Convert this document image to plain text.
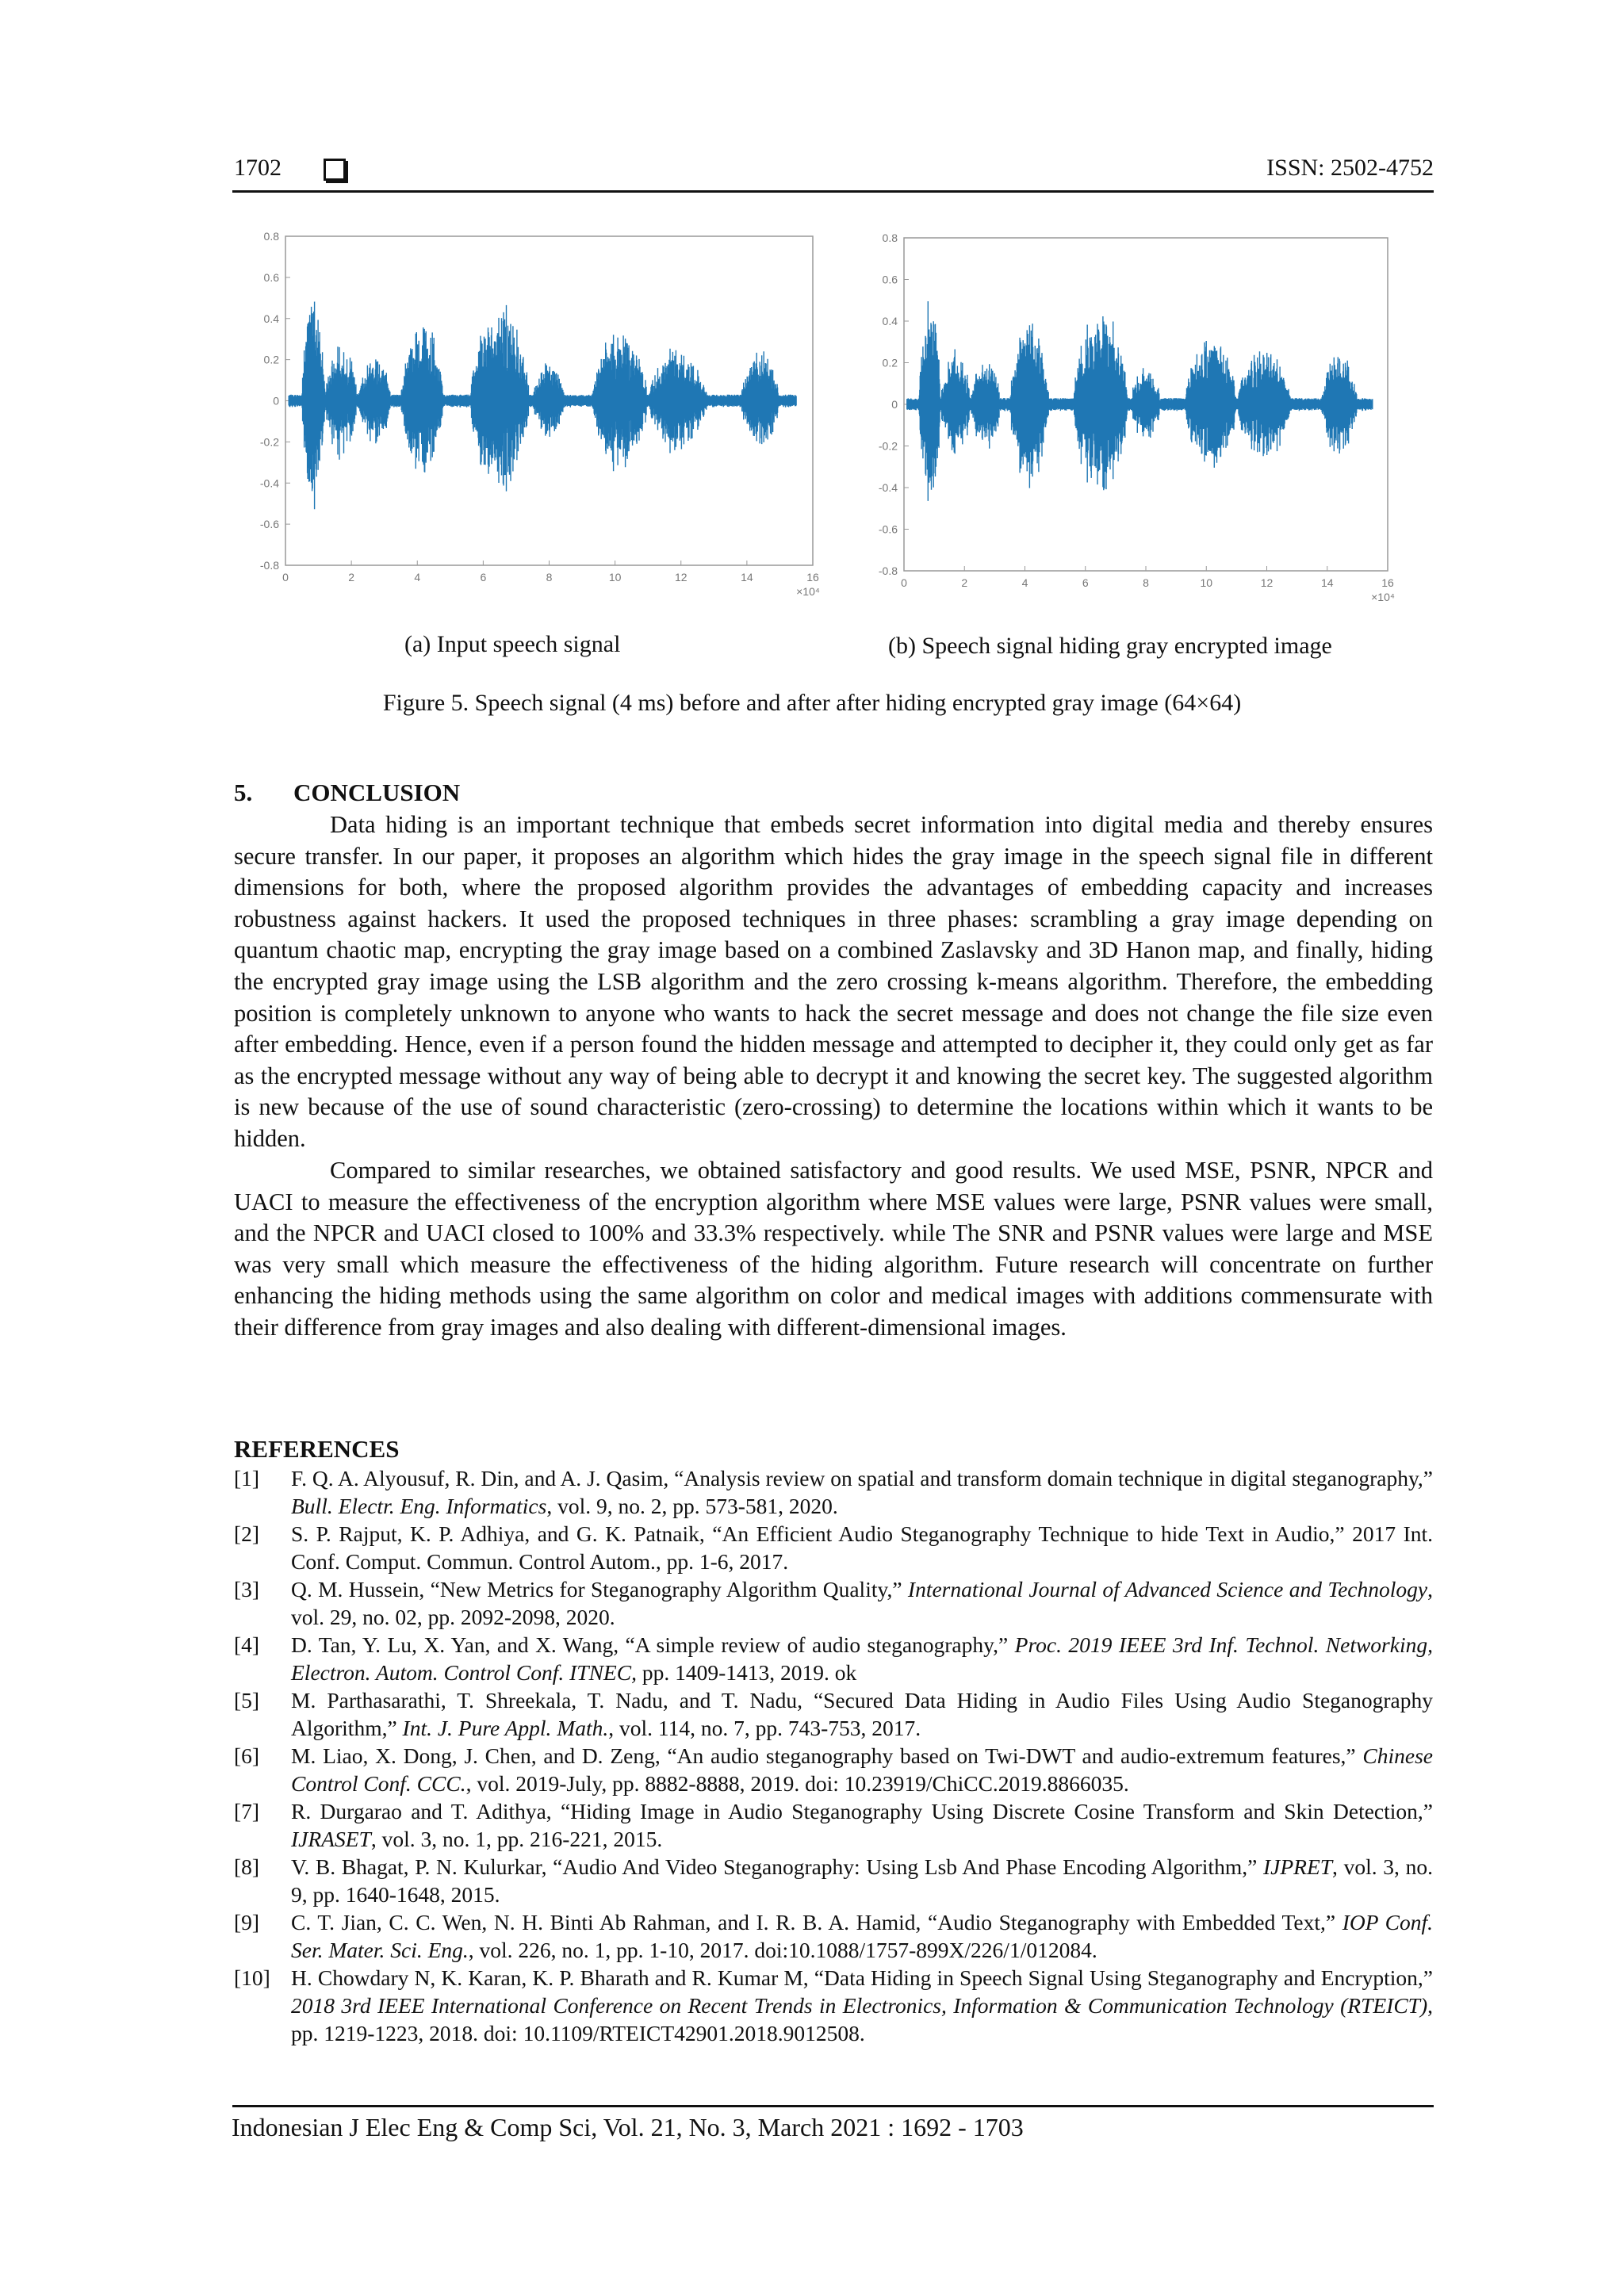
1702	ISSN: 2502-4752
0.8
0.6
0.4
0.2
0
-0.2
-0.4
-0.6
-0.8
0	2	4	6	8	10	12	14	16
×10⁴
0.8
0.6
0.4
0.2
0
-0.2
-0.4
-0.6
-0.8
0	2	4	6	8	10	12	14	16
×10⁴
(a) Input speech signal	(b) Speech signal hiding gray encrypted image
Figure 5. Speech signal (4 ms) before and after after hiding encrypted gray image (64×64)
5. CONCLUSION

Data hiding is an important technique that embeds secret information into digital media and thereby ensures secure transfer. In our paper, it proposes an algorithm which hides the gray image in the speech signal file in different dimensions for both, where the proposed algorithm provides the advantages of embedding capacity and increases robustness against hackers. It used the proposed techniques in three phases: scrambling a gray image depending on quantum chaotic map, encrypting the gray image based on a combined Zaslavsky and 3D Hanon map, and finally, hiding the encrypted gray image using the LSB algorithm and the zero crossing k-means algorithm. Therefore, the embedding position is completely unknown to anyone who wants to hack the secret message and does not change the file size even after embedding. Hence, even if a person found the hidden message and attempted to decipher it, they could only get as far as the encrypted message without any way of being able to decrypt it and knowing the secret key. The suggested algorithm is new because of the use of sound characteristic (zero-crossing) to determine the locations within which it wants to be hidden.

Compared to similar researches, we obtained satisfactory and good results. We used MSE, PSNR, NPCR and UACI to measure the effectiveness of the encryption algorithm where MSE values were large, PSNR values were small, and the NPCR and UACI closed to 100% and 33.3% respectively. while The SNR and PSNR values were large and MSE was very small which measure the effectiveness of the hiding algorithm. Future research will concentrate on further enhancing the hiding methods using the same algorithm on color and medical images with additions commensurate with their difference from gray images and also dealing with different-dimensional images.

REFERENCES
[1]	F. Q. A. Alyousuf, R. Din, and A. J. Qasim, “Analysis review on spatial and transform domain technique in digital steganography,” Bull. Electr. Eng. Informatics, vol. 9, no. 2, pp. 573-581, 2020.
[2]	S. P. Rajput, K. P. Adhiya, and G. K. Patnaik, “An Efficient Audio Steganography Technique to hide Text in Audio,” 2017 Int. Conf. Comput. Commun. Control Autom., pp. 1-6, 2017.
[3]	Q. M. Hussein, “New Metrics for Steganography Algorithm Quality,” International Journal of Advanced Science and Technology, vol. 29, no. 02, pp. 2092-2098, 2020.
[4]	D. Tan, Y. Lu, X. Yan, and X. Wang, “A simple review of audio steganography,” Proc. 2019 IEEE 3rd Inf. Technol. Networking, Electron. Autom. Control Conf. ITNEC, pp. 1409-1413, 2019. ok
[5]	M. Parthasarathi, T. Shreekala, T. Nadu, and T. Nadu, “Secured Data Hiding in Audio Files Using Audio Steganography Algorithm,” Int. J. Pure Appl. Math., vol. 114, no. 7, pp. 743-753, 2017.
[6]	M. Liao, X. Dong, J. Chen, and D. Zeng, “An audio steganography based on Twi-DWT and audio-extremum features,” Chinese Control Conf. CCC., vol. 2019-July, pp. 8882-8888, 2019. doi: 10.23919/ChiCC.2019.8866035.
[7]	R. Durgarao and T. Adithya, “Hiding Image in Audio Steganography Using Discrete Cosine Transform and Skin Detection,” IJRASET, vol. 3, no. 1, pp. 216-221, 2015.
[8]	V. B. Bhagat, P. N. Kulurkar, “Audio And Video Steganography: Using Lsb And Phase Encoding Algorithm,” IJPRET, vol. 3, no. 9, pp. 1640-1648, 2015.
[9]	C. T. Jian, C. C. Wen, N. H. Binti Ab Rahman, and I. R. B. A. Hamid, “Audio Steganography with Embedded Text,” IOP Conf. Ser. Mater. Sci. Eng., vol. 226, no. 1, pp. 1-10, 2017. doi:10.1088/1757-899X/226/1/012084.
[10] H. Chowdary N, K. Karan, K. P. Bharath and R. Kumar M, “Data Hiding in Speech Signal Using Steganography and Encryption,” 2018 3rd IEEE International Conference on Recent Trends in Electronics, Information & Communication Technology (RTEICT), pp. 1219-1223, 2018. doi: 10.1109/RTEICT42901.2018.9012508.
Indonesian J Elec Eng & Comp Sci, Vol. 21, No. 3, March 2021 : 1692 - 1703
